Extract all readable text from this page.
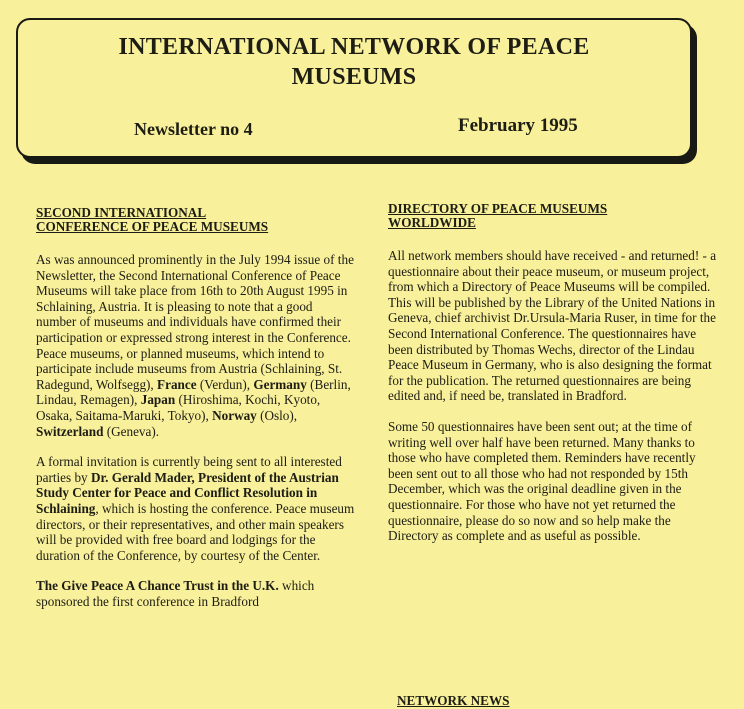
INTERNATIONAL NETWORK OF PEACE
MUSEUMS
Newsletter no 4	February 1995
SECOND INTERNATIONAL
CONFERENCE OF PEACE MUSEUMS

As was announced prominently in the July 1994 issue of the Newsletter, the Second International Conference of Peace Museums will take place from 16th to 20th August 1995 in Schlaining, Austria. It is pleasing to note that a good number of museums and individuals have confirmed their participation or expressed strong interest in the Conference. Peace museums, or planned museums, which intend to participate include museums from Austria (Schlaining, St. Radegund, Wolfsegg), France (Verdun), Germany (Berlin, Lindau, Remagen), Japan (Hiroshima, Kochi, Kyoto, Osaka, Saitama-Maruki, Tokyo), Norway (Oslo), Switzerland (Geneva).

A formal invitation is currently being sent to all interested parties by Dr. Gerald Mader, President of the Austrian Study Center for Peace and Conflict Resolution in Schlaining, which is hosting the conference. Peace museum directors, or their representatives, and other main speakers will be provided with free board and lodgings for the duration of the Conference, by courtesy of the Center.

The Give Peace A Chance Trust in the U.K. which sponsored the first conference in Bradford

DIRECTORY OF PEACE MUSEUMS
WORLDWIDE

All network members should have received - and returned! - a questionnaire about their peace museum, or museum project, from which a Directory of Peace Museums will be compiled. This will be published by the Library of the United Nations in Geneva, chief archivist Dr.Ursula-Maria Ruser, in time for the Second International Conference. The questionnaires have been distributed by Thomas Wechs, director of the Lindau Peace Museum in Germany, who is also designing the format for the publication. The returned questionnaires are being edited and, if need be, translated in Bradford.

Some 50 questionnaires have been sent out; at the time of writing well over half have been returned. Many thanks to those who have completed them. Reminders have recently been sent out to all those who had not responded by 15th December, which was the original deadline given in the questionnaire. For those who have not yet returned the questionnaire, please do so now and so help make the Directory as complete and as useful as possible.

NETWORK NEWS
